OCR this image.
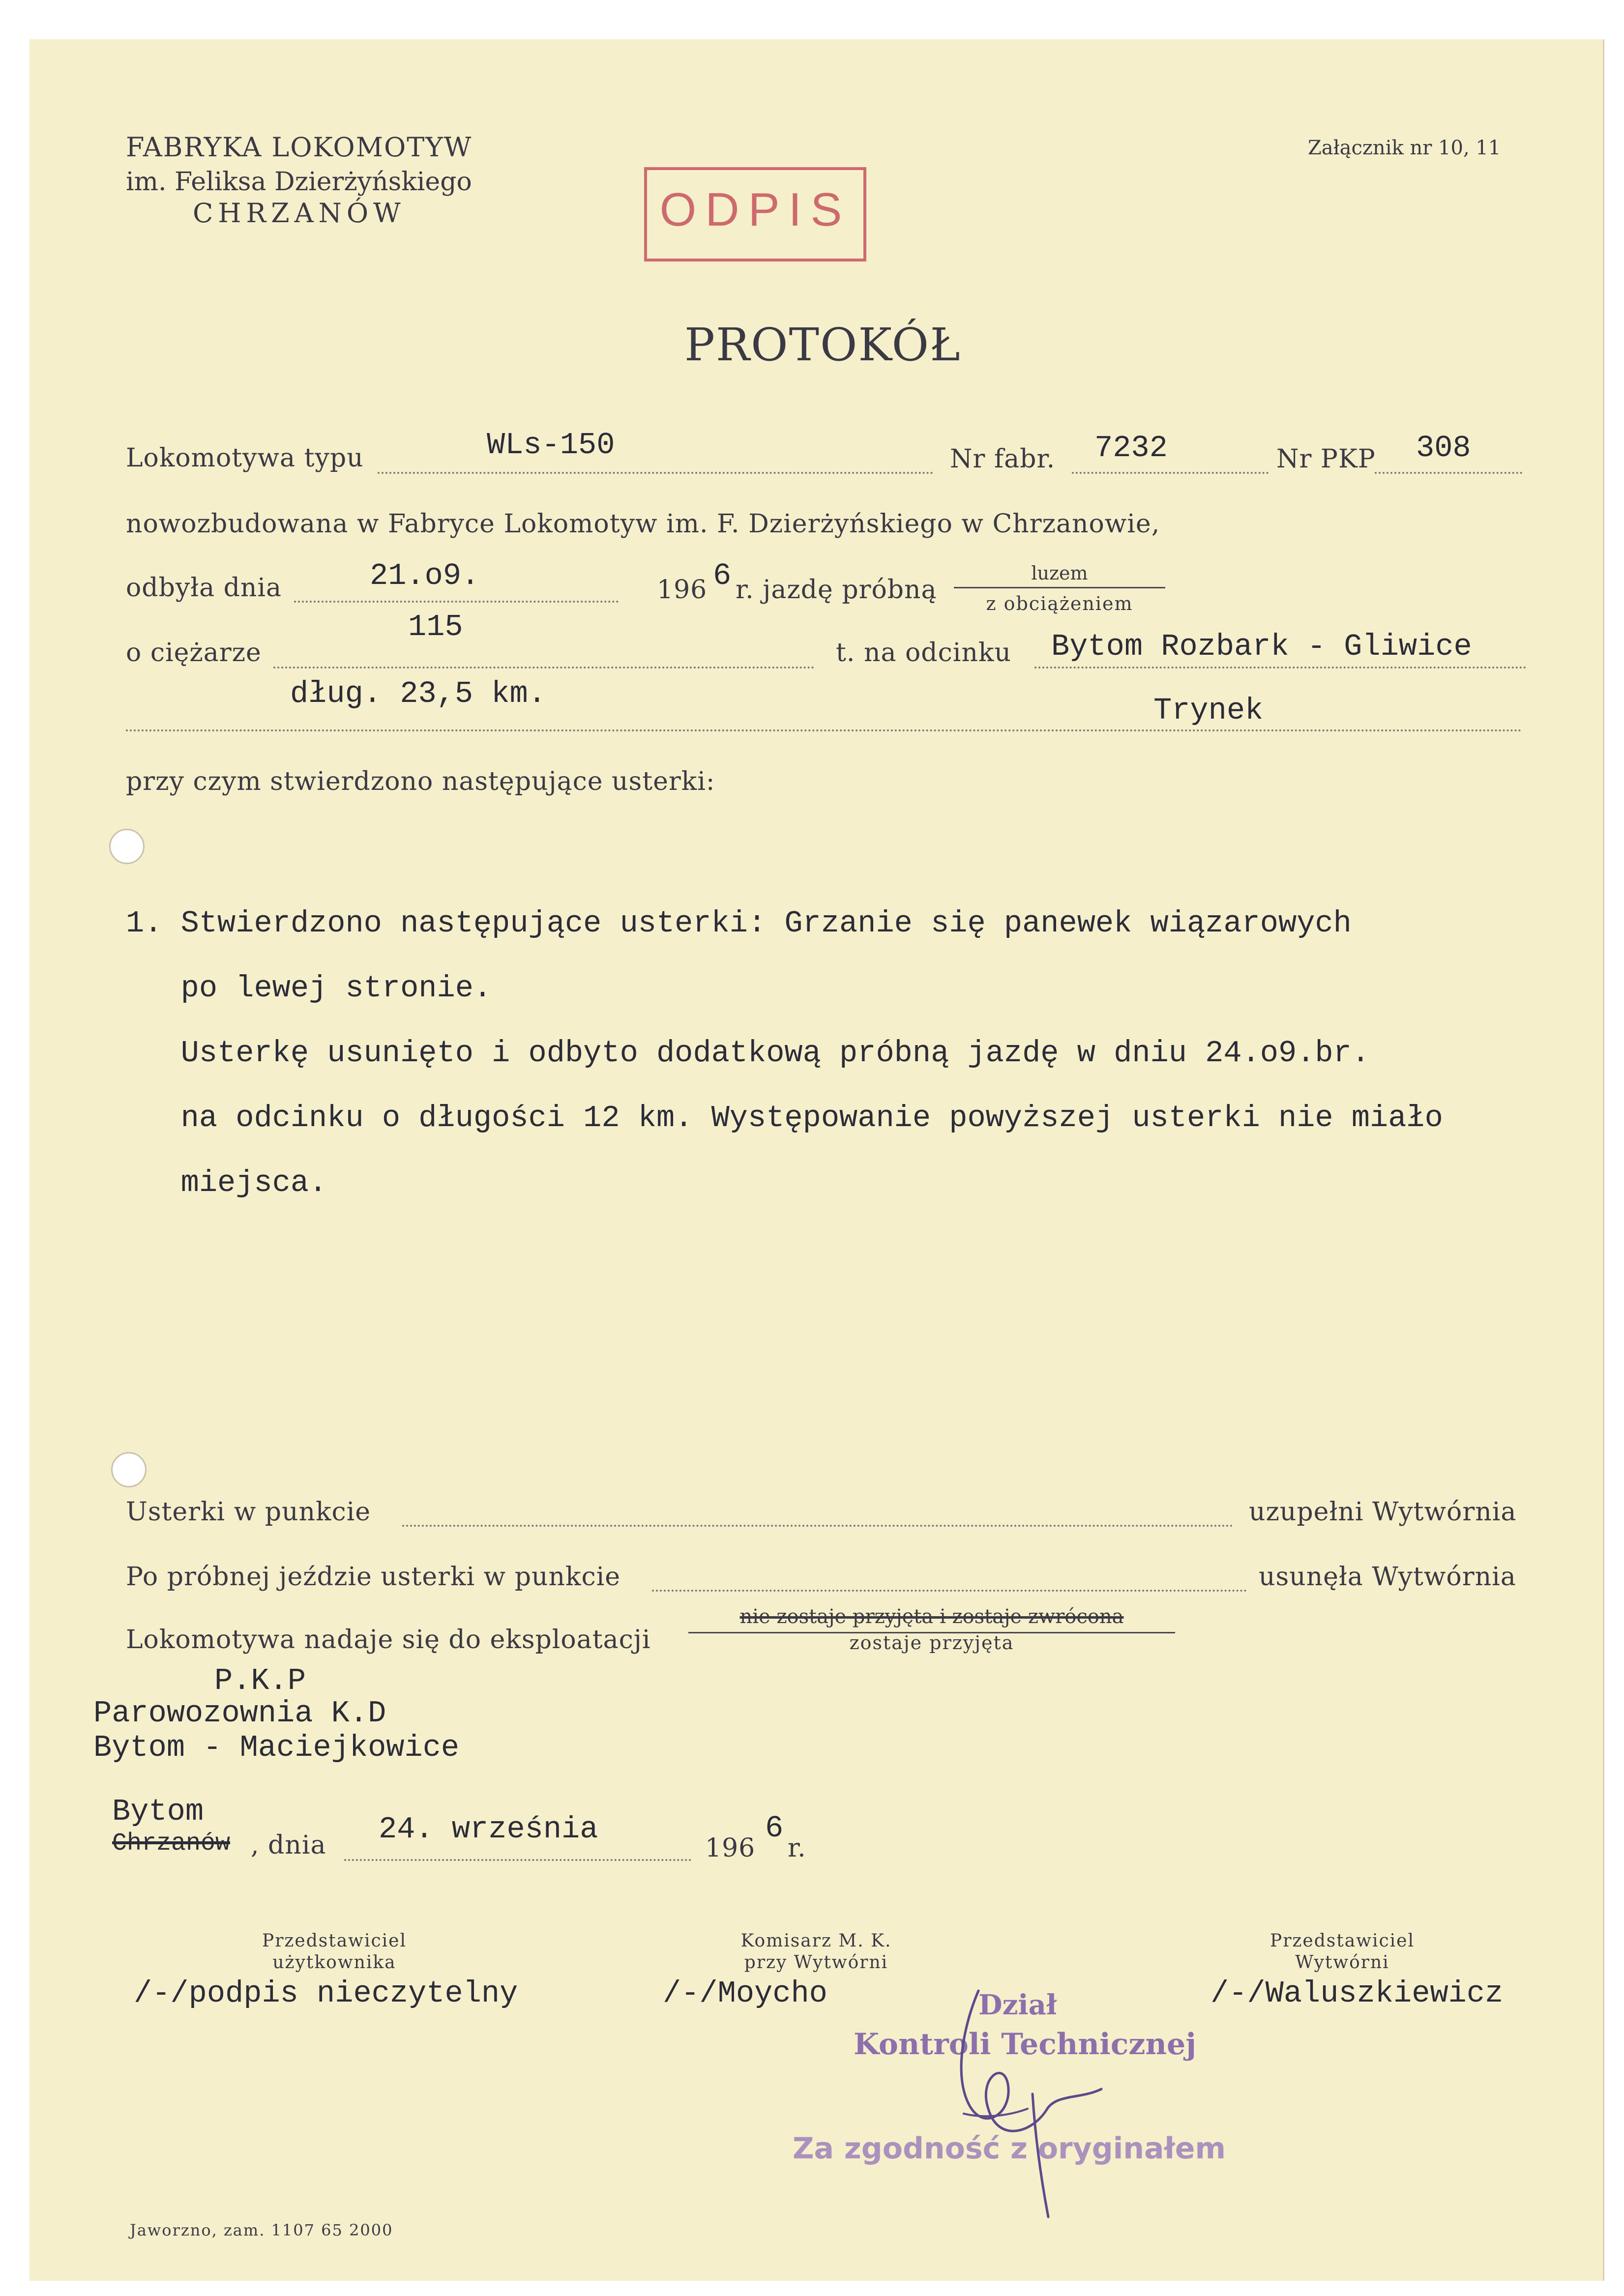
FABRYKA LOKOMOTYW
im. Feliksa Dzierżyńskiego
CHRZANÓW
Załącznik nr 10, 11
ODPIS
PROTOKÓŁ
Lokomotywa typu	WLs-150	Nr fabr. 7232	Nr PKP 308
nowozbudowana w Fabryce Lokomotyw im. F. Dzierżyńskiego w Chrzanowie,
odbyła dnia	21.o9.	196 6 r. jazdę próbną
luzem
z obciążeniem
115
o ciężarze	t. na odcinku Bytom Rozbark - Gliwice
dług. 23,5 km.	Trynek
przy czym stwierdzono następujące usterki:

1. Stwierdzono następujące usterki: Grzanie się panewek wiązarowych

po lewej stronie.

Usterkę usunięto i odbyto dodatkową próbną jazdę w dniu 24.o9.br.

na odcinku o długości 12 km. Występowanie powyższej usterki nie miało

miejsca.

Usterki w punkcie	uzupełni Wytwórnia
Po próbnej jeździe usterki w punkcie	usunęła Wytwórnia
Lokomotywa nadaje się do eksploatacji
nie zostaje przyjęta i zostaje zwrócona
zostaje przyjęta
P.K.P
Parowozownia K.D
Bytom - Maciejkowice
Bytom
Chrzanów , dnia 24. września
196
6
r.
Przedstawiciel
użytkownika
/-/podpis nieczytelny
Komisarz M. K.
przy Wytwórni
/-/Moycho
Przedstawiciel
Wytwórni
/-/Waluszkiewicz
Dział
Kontroli Technicznej
Za zgodność z oryginałem
Jaworzno, zam. 1107 65 2000
